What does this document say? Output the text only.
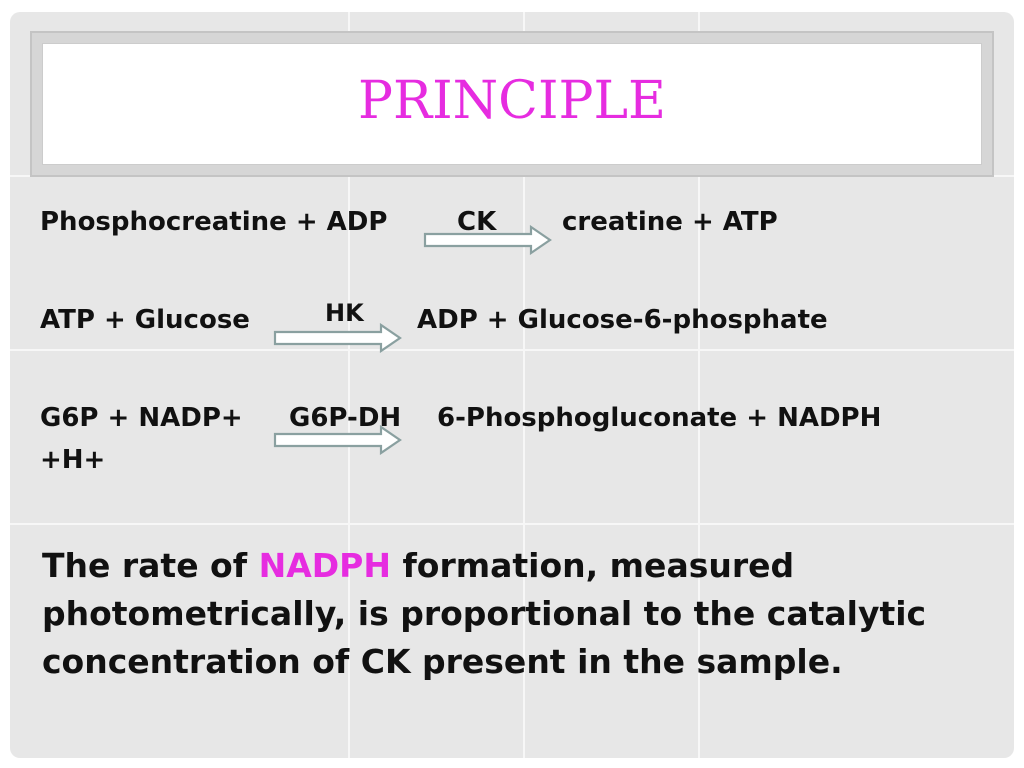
PRINCIPLE
Phosphocreatine + ADP	CK	creatine + ATP
ATP + Glucose	HK ADP + Glucose-6-phosphate
G6P + NADP+ G6P-DH 6-Phosphogluconate + NADPH
+H+
The rate of NADPH formation, measured photometrically, is proportional to the catalytic concentration of CK present in the sample.
